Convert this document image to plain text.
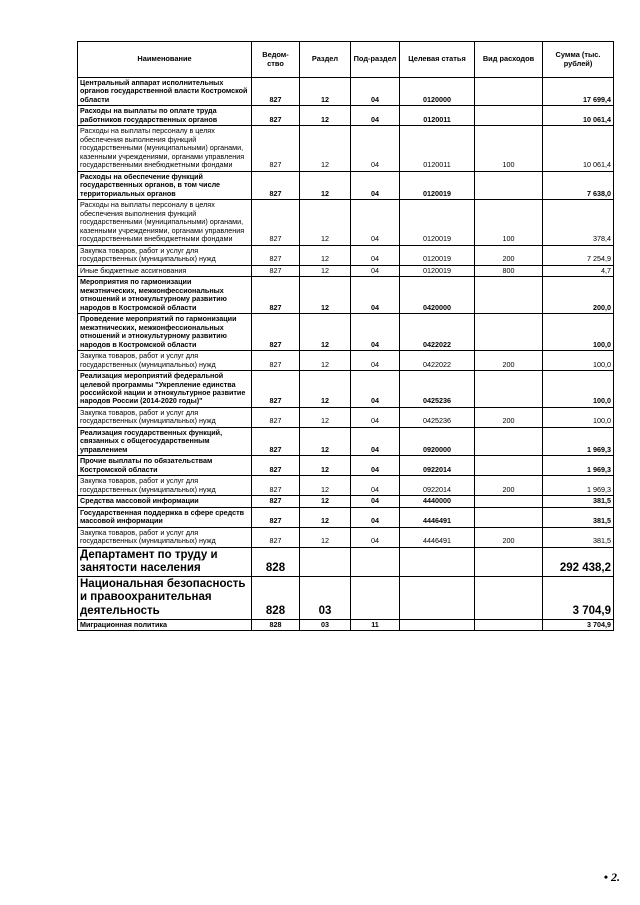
Наименование	Ведом-ство	Раздел	Под-раздел	Целевая статья	Вид расходов	Сумма (тыс. рублей)
Центральный аппарат исполнительных органов государственной власти Костромской области	827	12	04	0120000		17 699,4
Расходы на выплаты по оплате труда работников государственных органов	827	12	04	0120011		10 061,4
Расходы на выплаты персоналу в целях обеспечения выполнения функций государственными (муниципальными) органами, казенными учреждениями, органами управления государственными внебюджетными фондами	827	12	04	0120011	100	10 061,4
Расходы на обеспечение функций государственных органов, в том числе территориальных органов	827	12	04	0120019		7 638,0
Расходы на выплаты персоналу в целях обеспечения выполнения функций государственными (муниципальными) органами, казенными учреждениями, органами управления государственными внебюджетными фондами	827	12	04	0120019	100	378,4
Закупка товаров, работ и услуг для государственных (муниципальных) нужд	827	12	04	0120019	200	7 254,9
Иные бюджетные ассигнования	827	12	04	0120019	800	4,7
Мероприятия по гармонизации межэтнических, межконфессиональных отношений и этнокультурному развитию народов в Костромской области	827	12	04	0420000		200,0
Проведение мероприятий по гармонизации межэтнических, межконфессиональных отношений и этнокультурному развитию народов в Костромской области	827	12	04	0422022		100,0
Закупка товаров, работ и услуг для государственных (муниципальных) нужд	827	12	04	0422022	200	100,0
Реализация мероприятий федеральной целевой программы "Укрепление единства российской нации и этнокультурное развитие народов России (2014-2020 годы)"	827	12	04	0425236		100,0
Закупка товаров, работ и услуг для государственных (муниципальных) нужд	827	12	04	0425236	200	100,0
Реализация государственных функций, связанных с общегосударственным управлением	827	12	04	0920000		1 969,3
Прочие выплаты по обязательствам Костромской области	827	12	04	0922014		1 969,3
Закупка товаров, работ и услуг для государственных (муниципальных) нужд	827	12	04	0922014	200	1 969,3
Средства массовой информации	827	12	04	4440000		381,5
Государственная поддержка в сфере средств массовой информации	827	12	04	4446491		381,5
Закупка товаров, работ и услуг для государственных (муниципальных) нужд	827	12	04	4446491	200	381,5
Департамент по труду и занятости населения	828					292 438,2
Национальная безопасность и правоохранительная деятельность	828	03				3 704,9
Миграционная политика	828	03	11			3 704,9
• 2.
